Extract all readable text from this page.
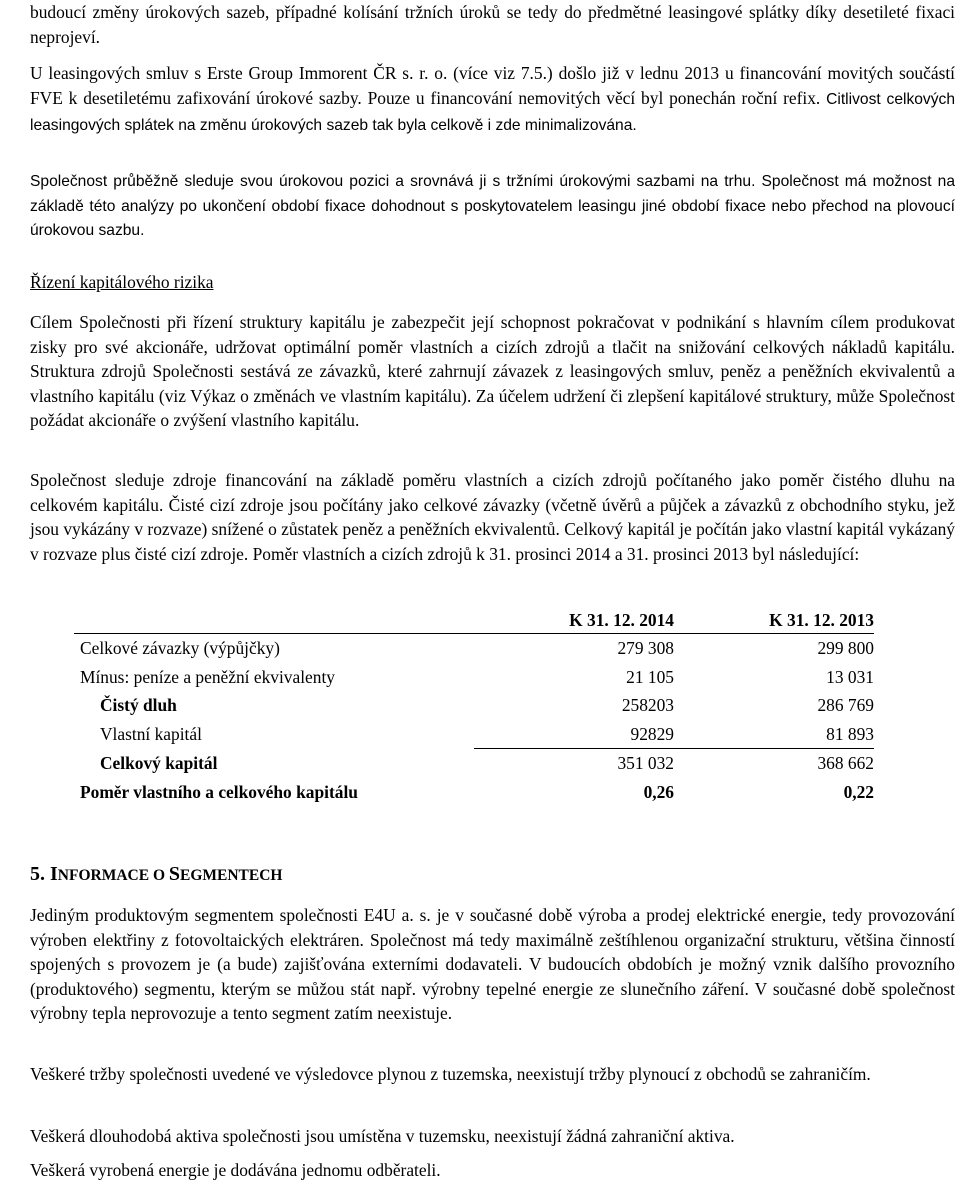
budoucí změny úrokových sazeb, případné kolísání tržních úroků se tedy do předmětné leasingové splátky díky desetileté fixaci neprojeví.

U leasingových smluv s Erste Group Immorent ČR s. r. o. (více viz 7.5.) došlo již v lednu 2013 u financování movitých součástí FVE k desetiletému zafixování úrokové sazby. Pouze u financování nemovitých věcí byl ponechán roční refix. Citlivost celkových leasingových splátek na změnu úrokových sazeb tak byla celkově i zde minimalizována.

Společnost průběžně sleduje svou úrokovou pozici a srovnává ji s tržními úrokovými sazbami na trhu. Společnost má možnost na základě této analýzy po ukončení období fixace dohodnout s poskytovatelem leasingu jiné období fixace nebo přechod na plovoucí úrokovou sazbu.

Řízení kapitálového rizika

Cílem Společnosti při řízení struktury kapitálu je zabezpečit její schopnost pokračovat v podnikání s hlavním cílem produkovat zisky pro své akcionáře, udržovat optimální poměr vlastních a cizích zdrojů a tlačit na snižování celkových nákladů kapitálu. Struktura zdrojů Společnosti sestává ze závazků, které zahrnují závazek z leasingových smluv, peněz a peněžních ekvivalentů a vlastního kapitálu (viz Výkaz o změnách ve vlastním kapitálu). Za účelem udržení či zlepšení kapitálové struktury, může Společnost požádat akcionáře o zvýšení vlastního kapitálu.

Společnost sleduje zdroje financování na základě poměru vlastních a cizích zdrojů počítaného jako poměr čistého dluhu na celkovém kapitálu. Čisté cizí zdroje jsou počítány jako celkové závazky (včetně úvěrů a půjček a závazků z obchodního styku, jež jsou vykázány v rozvaze) snížené o zůstatek peněz a peněžních ekvivalentů. Celkový kapitál je počítán jako vlastní kapitál vykázaný v rozvaze plus čisté cizí zdroje. Poměr vlastních a cizích zdrojů k 31. prosinci 2014 a 31. prosinci 2013 byl následující:

	K 31. 12. 2014	K 31. 12. 2013
Celkové závazky (výpůjčky)	279 308	299 800
Mínus: peníze a peněžní ekvivalenty	21 105	13 031
Čistý dluh	258203	286 769
Vlastní kapitál	92829	81 893
Celkový kapitál	351 032	368 662
Poměr vlastního a celkového kapitálu	0,26	0,22

5. INFORMACE O SEGMENTECH

Jediným produktovým segmentem společnosti E4U a. s. je v současné době výroba a prodej elektrické energie, tedy provozování výroben elektřiny z fotovoltaických elektráren. Společnost má tedy maximálně zeštíhlenou organizační strukturu, většina činností spojených s provozem je (a bude) zajišťována externími dodavateli. V budoucích obdobích je možný vznik dalšího provozního (produktového) segmentu, kterým se můžou stát např. výrobny tepelné energie ze slunečního záření. V současné době společnost výrobny tepla neprovozuje a tento segment zatím neexistuje.

Veškeré tržby společnosti uvedené ve výsledovce plynou z tuzemska, neexistují tržby plynoucí z obchodů se zahraničím.

Veškerá dlouhodobá aktiva společnosti jsou umístěna v tuzemsku, neexistují žádná zahraniční aktiva.

Veškerá vyrobená energie je dodávána jednomu odběrateli.
